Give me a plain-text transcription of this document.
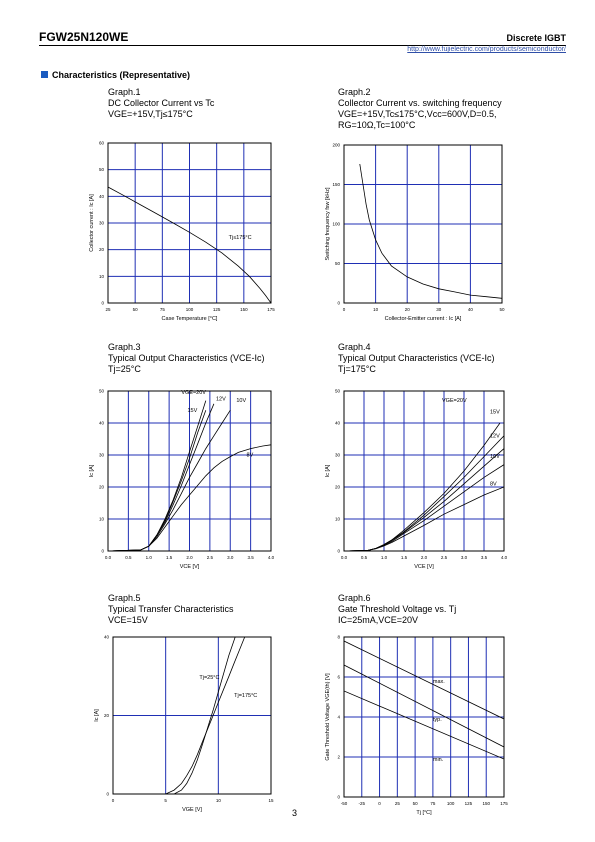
FGW25N120WE	Discrete IGBT
http://www.fujielectric.com/products/semiconductor/
Characteristics (Representative)
Graph.1
DC Collector Current vs Tc
VGE=+15V,Tj≤175°C
25	50	75	100	125	150	175
0
10
20
30
40
50
60
Case Temperature [°C]
Collector current : Ic [A]	Tj≤175°C
Graph.2
Collector Current vs. switching frequency
VGE=+15V,Tc≤175°C,Vcc=600V,D=0.5,
RG=10Ω,Tc=100°C
0	10	20	30	40	50
0
50
100
150
200
Collector-Emitter current : Ic [A]
Switching frequency fsw [kHz]
Graph.3
Typical Output Characteristics (VCE-Ic)
Tj=25°C
0.0	0.5	1.0	1.5	2.0	2.5	3.0	3.5	4.0
0
10
20
30
40
50
VCE [V]
Ic [A]
VGE=20V
15V
12V 10V
8V
Graph.4
Typical Output Characteristics (VCE-Ic)
Tj=175°C
0.0	0.5	1.0	1.5	2.0	2.5	3.0	3.5	4.0
0
10
20
30
40
50
VCE [V]
Ic [A]
VGE=20V
15V
12V
10V
8V
Graph.5
Typical Transfer Characteristics
VCE=15V
0	5	10	15
0
20
40
VGE [V]
Ic [A]
Tj=25°C
Tj=175°C
Graph.6
Gate Threshold Voltage vs. Tj
IC=25mA,VCE=20V
-50	-25	0	25	50	75	100 125 150 175
0
2
4
6
8
Tj [°C]
Gate Threshold Voltage VGE(th) [V]	max.
typ.
min.
3
